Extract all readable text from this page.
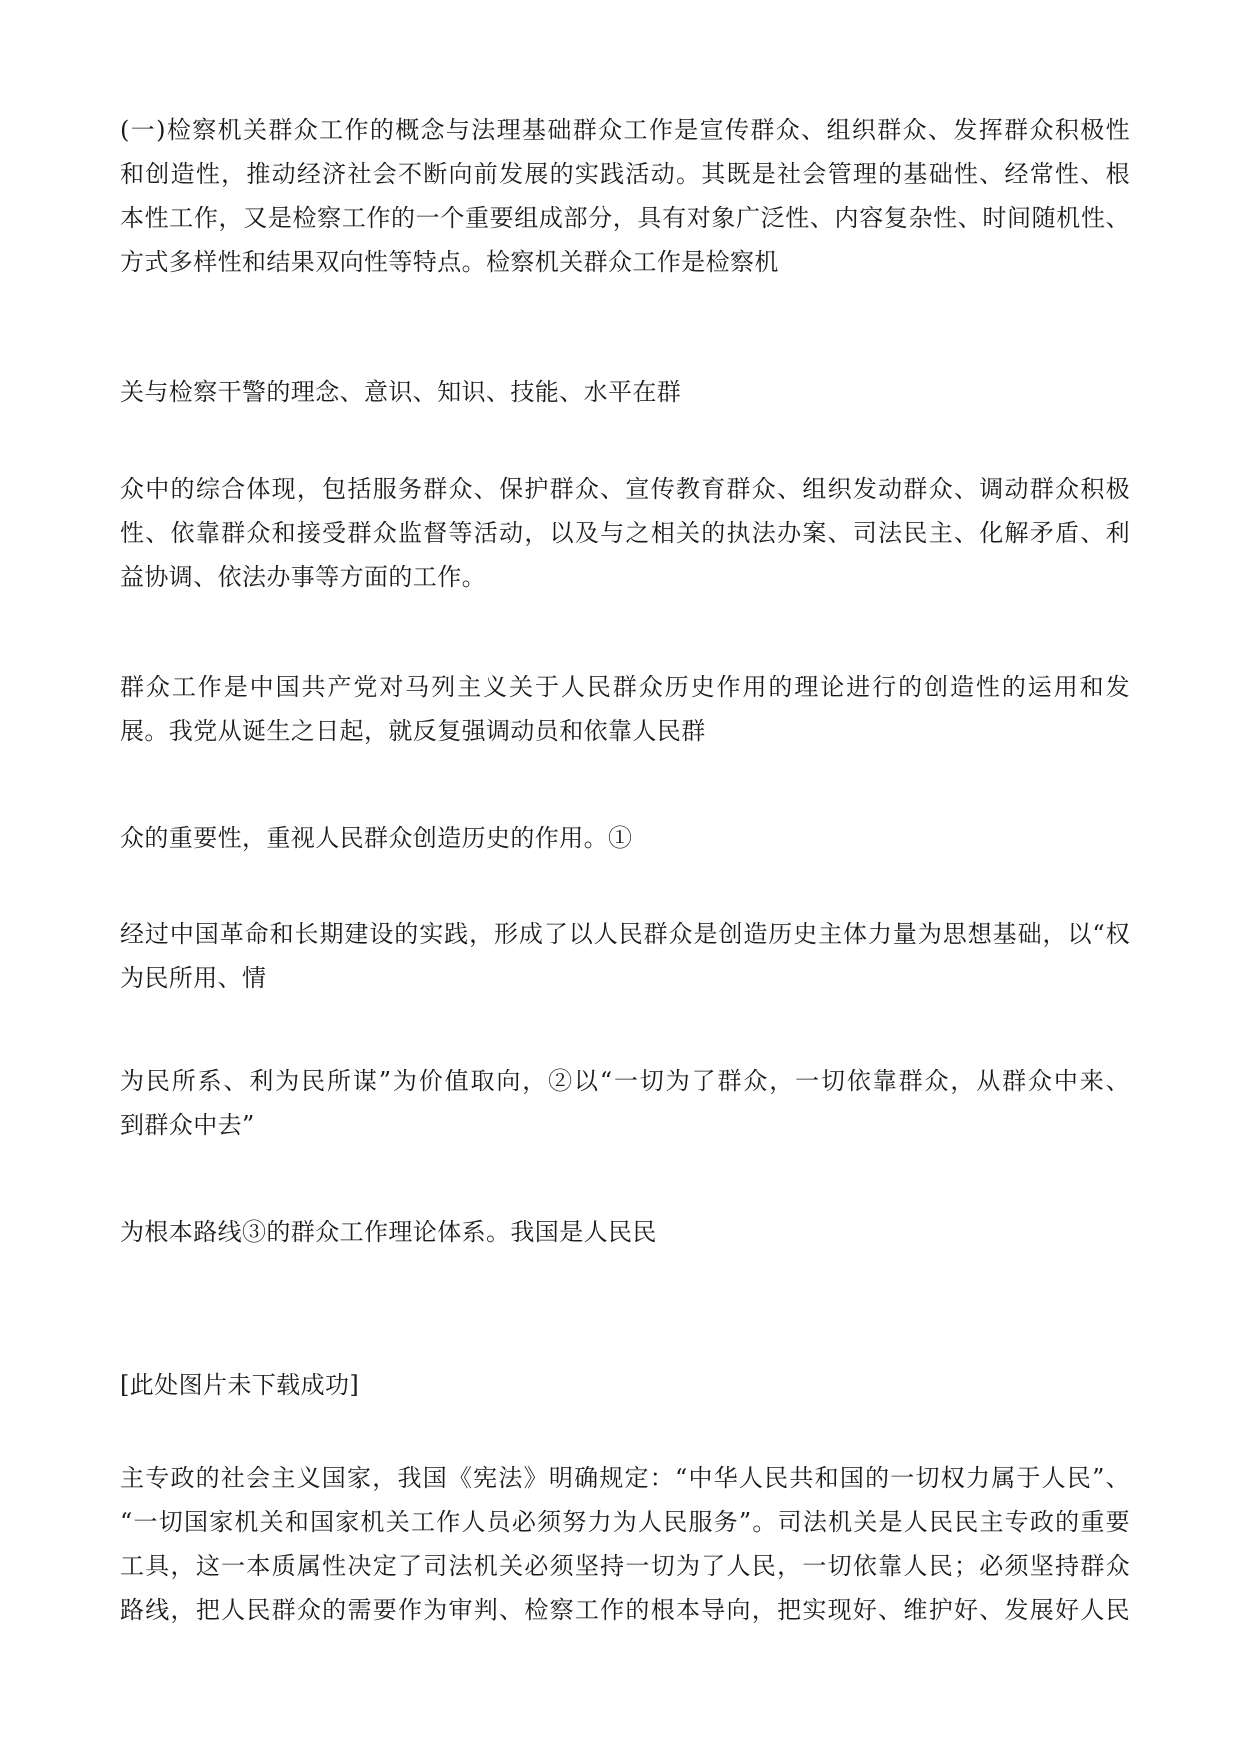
(一)检察机关群众工作的概念与法理基础群众工作是宣传群众、组织群众、发挥群众积极性
和创造性，推动经济社会不断向前发展的实践活动。其既是社会管理的基础性、经常性、根
本性工作，又是检察工作的一个重要组成部分，具有对象广泛性、内容复杂性、时间随机性、
方式多样性和结果双向性等特点。检察机关群众工作是检察机
关与检察干警的理念、意识、知识、技能、水平在群
众中的综合体现，包括服务群众、保护群众、宣传教育群众、组织发动群众、调动群众积极
性、依靠群众和接受群众监督等活动，以及与之相关的执法办案、司法民主、化解矛盾、利
益协调、依法办事等方面的工作。
群众工作是中国共产党对马列主义关于人民群众历史作用的理论进行的创造性的运用和发
展。我党从诞生之日起，就反复强调动员和依靠人民群
众的重要性，重视人民群众创造历史的作用。①
经过中国革命和长期建设的实践，形成了以人民群众是创造历史主体力量为思想基础，以“权
为民所用、情
为民所系、利为民所谋”为价值取向，②以“一切为了群众，一切依靠群众，从群众中来、
到群众中去”
为根本路线③的群众工作理论体系。我国是人民民
[此处图片未下载成功]
主专政的社会主义国家，我国《宪法》明确规定：“中华人民共和国的一切权力属于人民”、
“一切国家机关和国家机关工作人员必须努力为人民服务”。司法机关是人民民主专政的重要
工具，这一本质属性决定了司法机关必须坚持一切为了人民，一切依靠人民；必须坚持群众
路线，把人民群众的需要作为审判、检察工作的根本导向，把实现好、维护好、发展好人民
